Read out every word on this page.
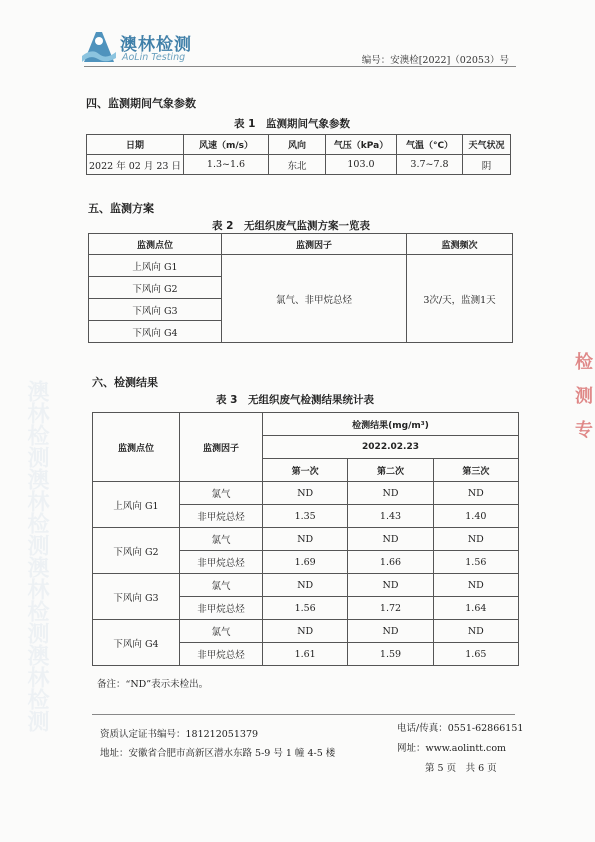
澳林检测澳林检测澳林检测澳林检测
澳林检测
AoLin Testing	编号：安澳检[2022]（02053）号
四、监测期间气象参数
表 1　监测期间气象参数
日期	风速（m/s）	风向	气压（kPa）	气温（°C）	天气状况
2022 年 02 月 23 日	1.3~1.6	东北	103.0	3.7~7.8	阴
五、监测方案
表 2　无组织废气监测方案一览表
监测点位	监测因子	监测频次
上风向 G1	氯气、非甲烷总烃	3次/天，监测1天
下风向 G2		
下风向 G3		
下风向 G4		
六、检测结果
表 3　无组织废气检测结果统计表
监测点位	监测因子	检测结果(mg/m³)		
		2022.02.23		
		第一次	第二次	第三次
上风向 G1	氯气	ND	ND	ND
	非甲烷总烃	1.35	1.43	1.40
下风向 G2	氯气	ND	ND	ND
	非甲烷总烃	1.69	1.66	1.56
下风向 G3	氯气	ND	ND	ND
	非甲烷总烃	1.56	1.72	1.64
下风向 G4	氯气	ND	ND	ND
	非甲烷总烃	1.61	1.59	1.65
备注：“ND”表示未检出。
资质认定证书编号：181212051379
电话/传真：0551-62866151
地址：安徽省合肥市高新区潜水东路 5-9 号 1 幢 4-5 楼	网址：www.aolintt.com
第 5 页　共 6 页
检
测
专
